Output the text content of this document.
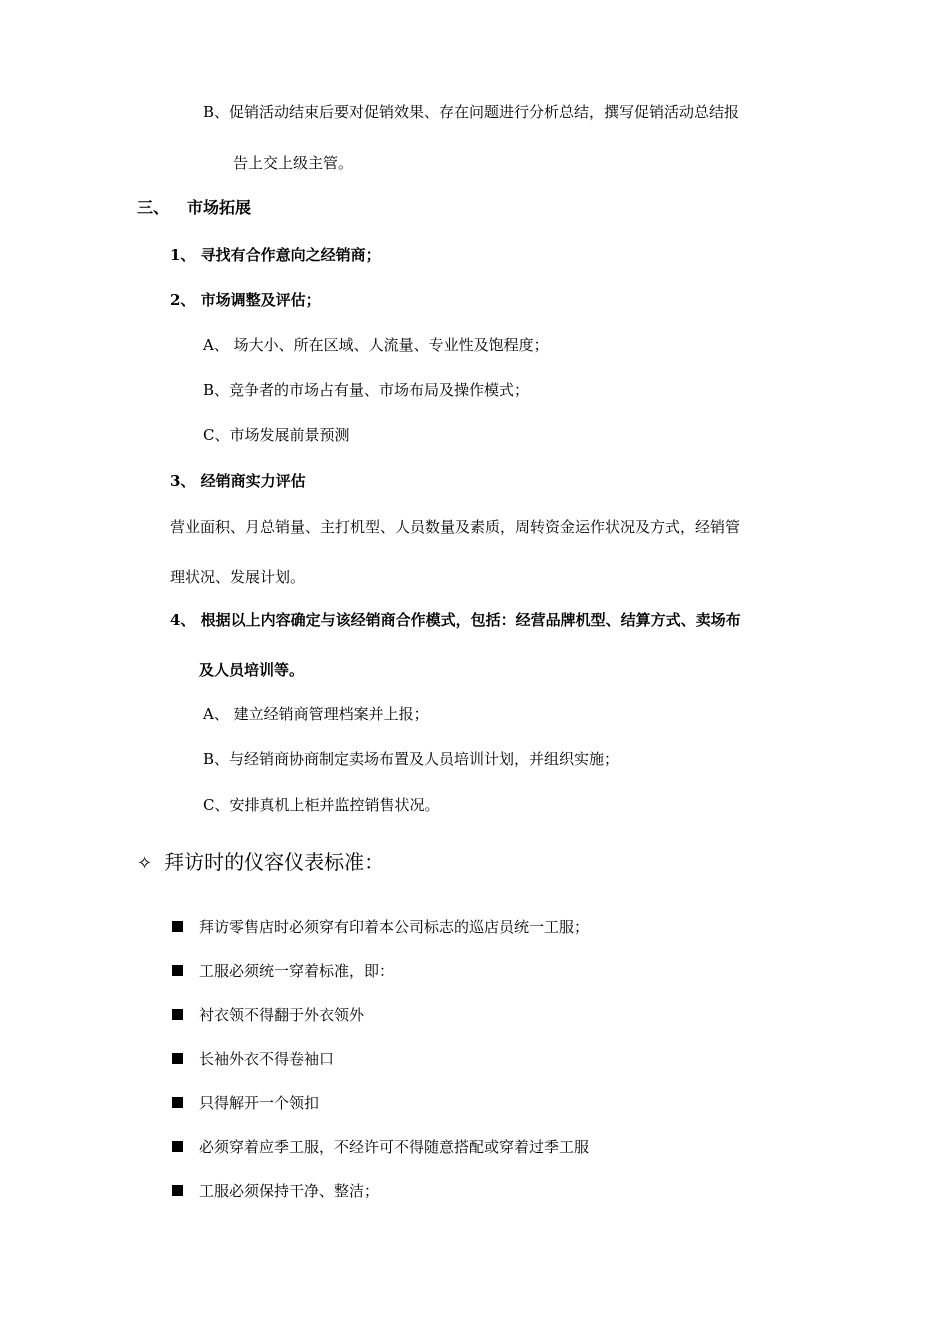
B、促销活动结束后要对促销效果、存在问题进行分析总结，撰写促销活动总结报
告上交上级主管。
三、 市场拓展
1、 寻找有合作意向之经销商；
2、 市场调整及评估；
A、 场大小、所在区域、人流量、专业性及饱程度；
B、竞争者的市场占有量、市场布局及操作模式；
C、市场发展前景预测
3、 经销商实力评估
营业面积、月总销量、主打机型、人员数量及素质，周转资金运作状况及方式，经销管
理状况、发展计划。
4、 根据以上内容确定与该经销商合作模式，包括：经营品牌机型、结算方式、卖场布
及人员培训等。
A、 建立经销商管理档案并上报；
B、与经销商协商制定卖场布置及人员培训计划，并组织实施；
C、安排真机上柜并监控销售状况。
✧ 拜访时的仪容仪表标准：
拜访零售店时必须穿有印着本公司标志的巡店员统一工服；
工服必须统一穿着标准，即：
衬衣领不得翻于外衣领外
长袖外衣不得卷袖口
只得解开一个领扣
必须穿着应季工服，不经许可不得随意搭配或穿着过季工服
工服必须保持干净、整洁；
